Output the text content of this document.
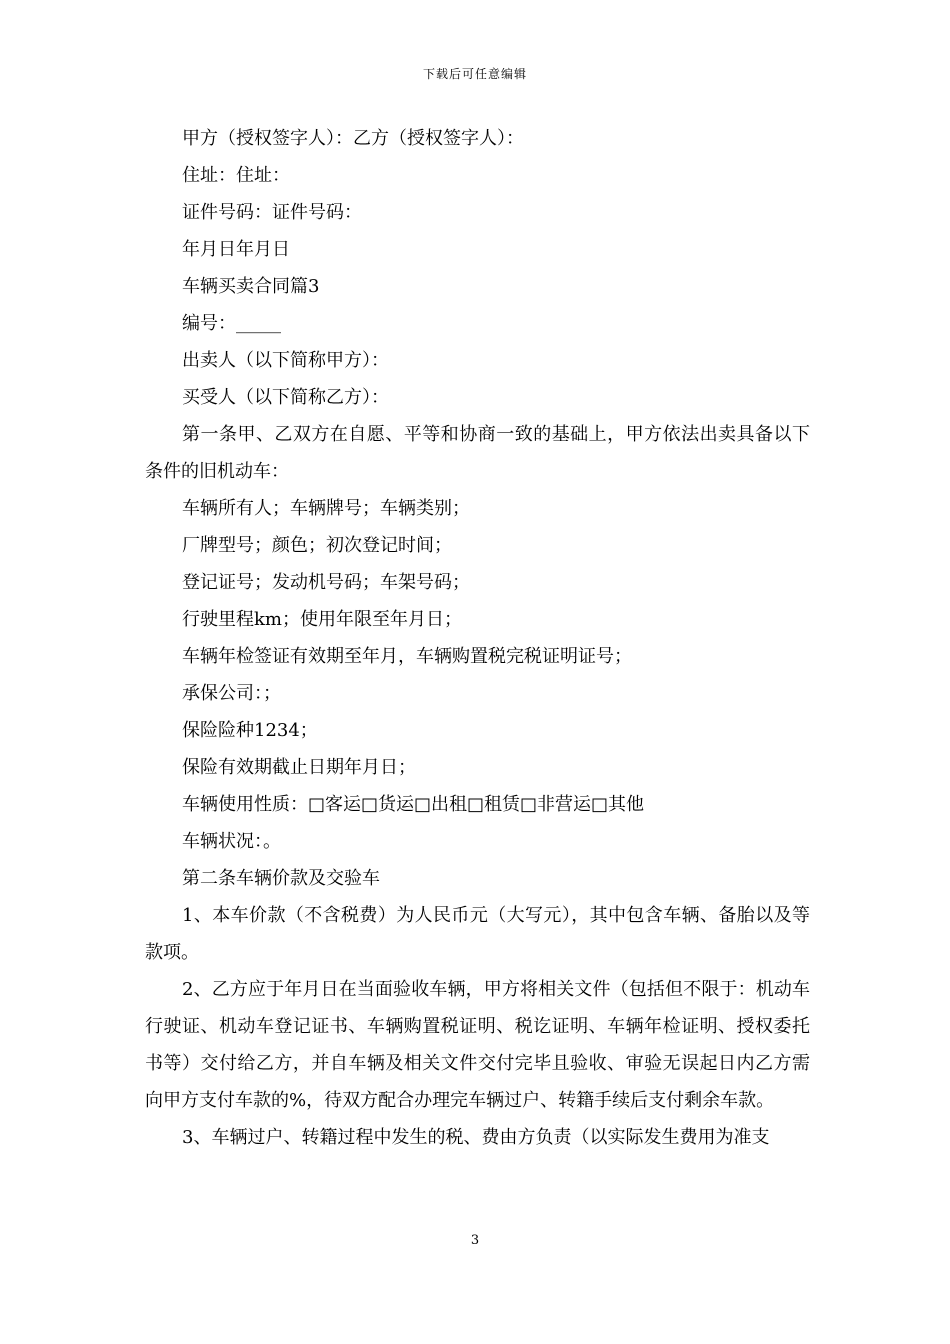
下载后可任意编辑

甲方（授权签字人）：乙方（授权签字人）：

住址：住址：

证件号码：证件号码：

年月日年月日

车辆买卖合同篇3

编号：_____

出卖人（以下简称甲方）：

买受人（以下简称乙方）：

第一条甲、乙双方在自愿、平等和协商一致的基础上，甲方依法出卖具备以下条件的旧机动车：

车辆所有人；车辆牌号；车辆类别；

厂牌型号；颜色；初次登记时间；

登记证号；发动机号码；车架号码；

行驶里程km；使用年限至年月日；

车辆年检签证有效期至年月，车辆购置税完税证明证号；

承保公司：；

保险险种1234；

保险有效期截止日期年月日；

车辆使用性质：□客运□货运□出租□租赁□非营运□其他

车辆状况：。

第二条车辆价款及交验车

1、本车价款（不含税费）为人民币元（大写元），其中包含车辆、备胎以及等款项。

2、乙方应于年月日在当面验收车辆，甲方将相关文件（包括但不限于：机动车行驶证、机动车登记证书、车辆购置税证明、税讫证明、车辆年检证明、授权委托书等）交付给乙方，并自车辆及相关文件交付完毕且验收、审验无误起日内乙方需向甲方支付车款的%，待双方配合办理完车辆过户、转籍手续后支付剩余车款。

3、车辆过户、转籍过程中发生的税、费由方负责（以实际发生费用为准支

3
